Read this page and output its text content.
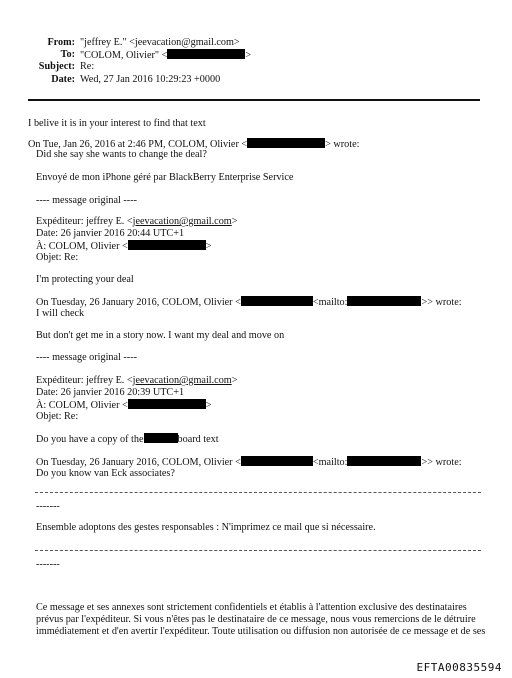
From: "jeffrey E." <jeevacation@gmail.com>
To: "COLOM, Olivier" <	>
Subject: Re:
Date: Wed, 27 Jan 2016 10:29:23 +0000
I belive it is in your interest to find that text
On Tue, Jan 26, 2016 at 2:46 PM, COLOM, Olivier <	> wrote:
Did she say she wants to change the deal?
Envoyé de mon iPhone géré par BlackBerry Enterprise Service
---- message original ----
Expéditeur: jeffrey E. <jeevacation@gmail.com>
Date: 26 janvier 2016 20:44 UTC+1
À: COLOM, Olivier <	>
Objet: Re:
I'm protecting your deal
On Tuesday, 26 January 2016, COLOM, Olivier <	<mailto:	>> wrote:
I will check
But don't get me in a story now. I want my deal and move on
---- message original ----
Expéditeur: jeffrey E. <jeevacation@gmail.com>
Date: 26 janvier 2016 20:39 UTC+1
À: COLOM, Olivier <	>
Objet: Re:
Do you have a copy of the	board text
On Tuesday, 26 January 2016, COLOM, Olivier <	<mailto:	>> wrote:
Do you know van Eck associates?
-------
Ensemble adoptons des gestes responsables : N'imprimez ce mail que si nécessaire.
-------
Ce message et ses annexes sont strictement confidentiels et établis à l'attention exclusive des destinataires
prévus par l'expéditeur. Si vous n'êtes pas le destinataire de ce message, nous vous remercions de le détruire
immédiatement et d'en avertir l'expéditeur. Toute utilisation ou diffusion non autorisée de ce message et de ses
EFTA00835594
